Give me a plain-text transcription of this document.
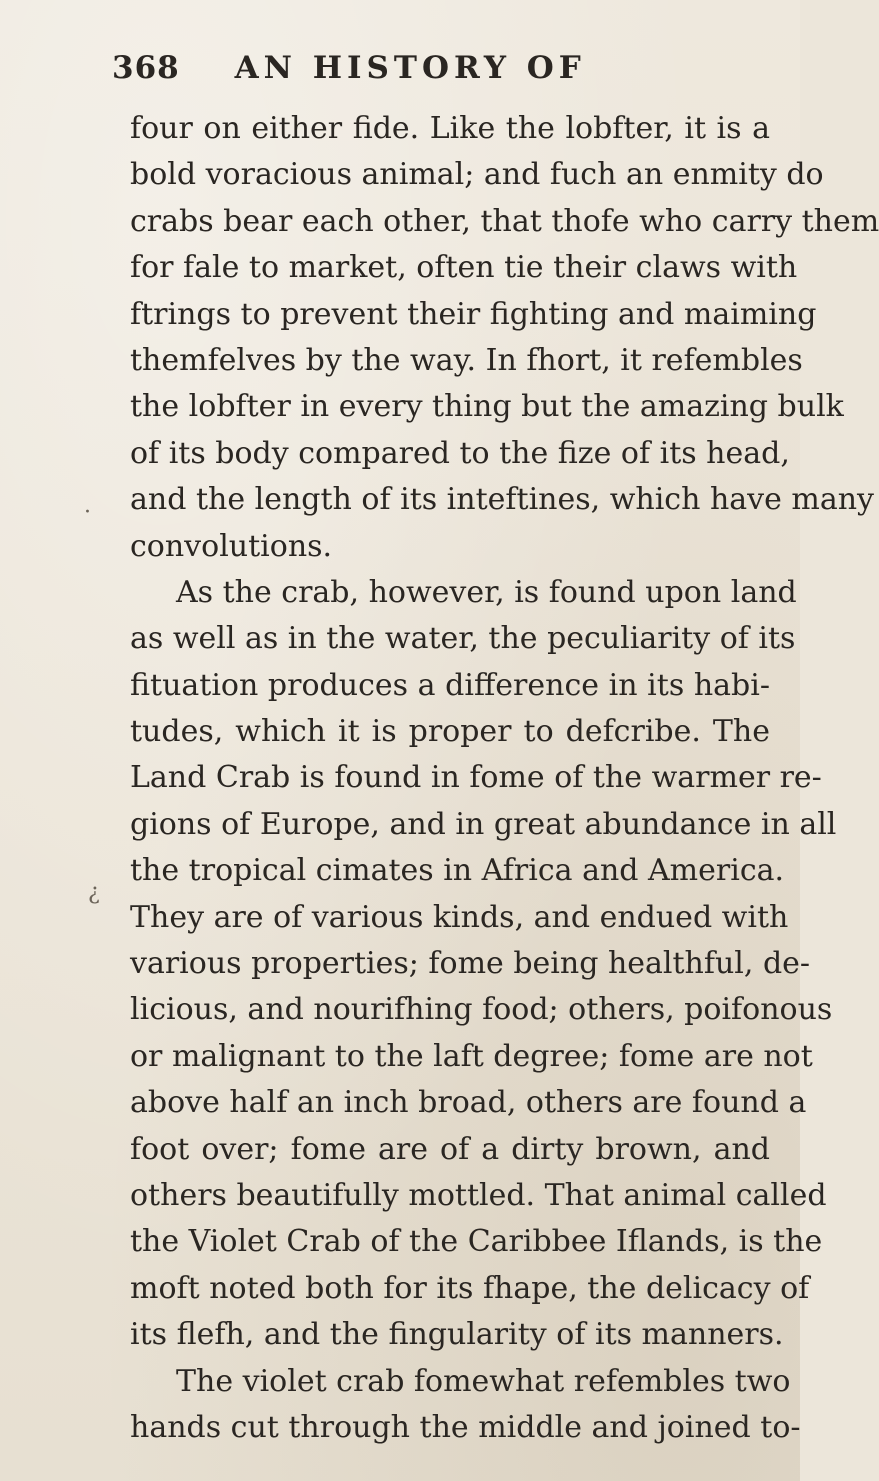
368 AN HISTORY OF
·
¿
four on either fide. Like the lobfter, it is a
bold voracious animal; and fuch an enmity do
crabs bear each other, that thofe who carry them
for fale to market, often tie their claws with
ftrings to prevent their fighting and maiming
themfelves by the way. In fhort, it refembles
the lobfter in every thing but the amazing bulk
of its body compared to the fize of its head,
and the length of its inteftines, which have many
convolutions.
As the crab, however, is found upon land
as well as in the water, the peculiarity of its
fituation produces a difference in its habi-
tudes, which it is proper to defcribe. The
Land Crab is found in fome of the warmer re-
gions of Europe, and in great abundance in all
the tropical cimates in Africa and America.
They are of various kinds, and endued with
various properties; fome being healthful, de-
licious, and nourifhing food; others, poifonous
or malignant to the laft degree; fome are not
above half an inch broad, others are found a
foot over; fome are of a dirty brown, and
others beautifully mottled. That animal called
the Violet Crab of the Caribbee Iflands, is the
moft noted both for its fhape, the delicacy of
its flefh, and the fingularity of its manners.
The violet crab fomewhat refembles two
hands cut through the middle and joined to-
